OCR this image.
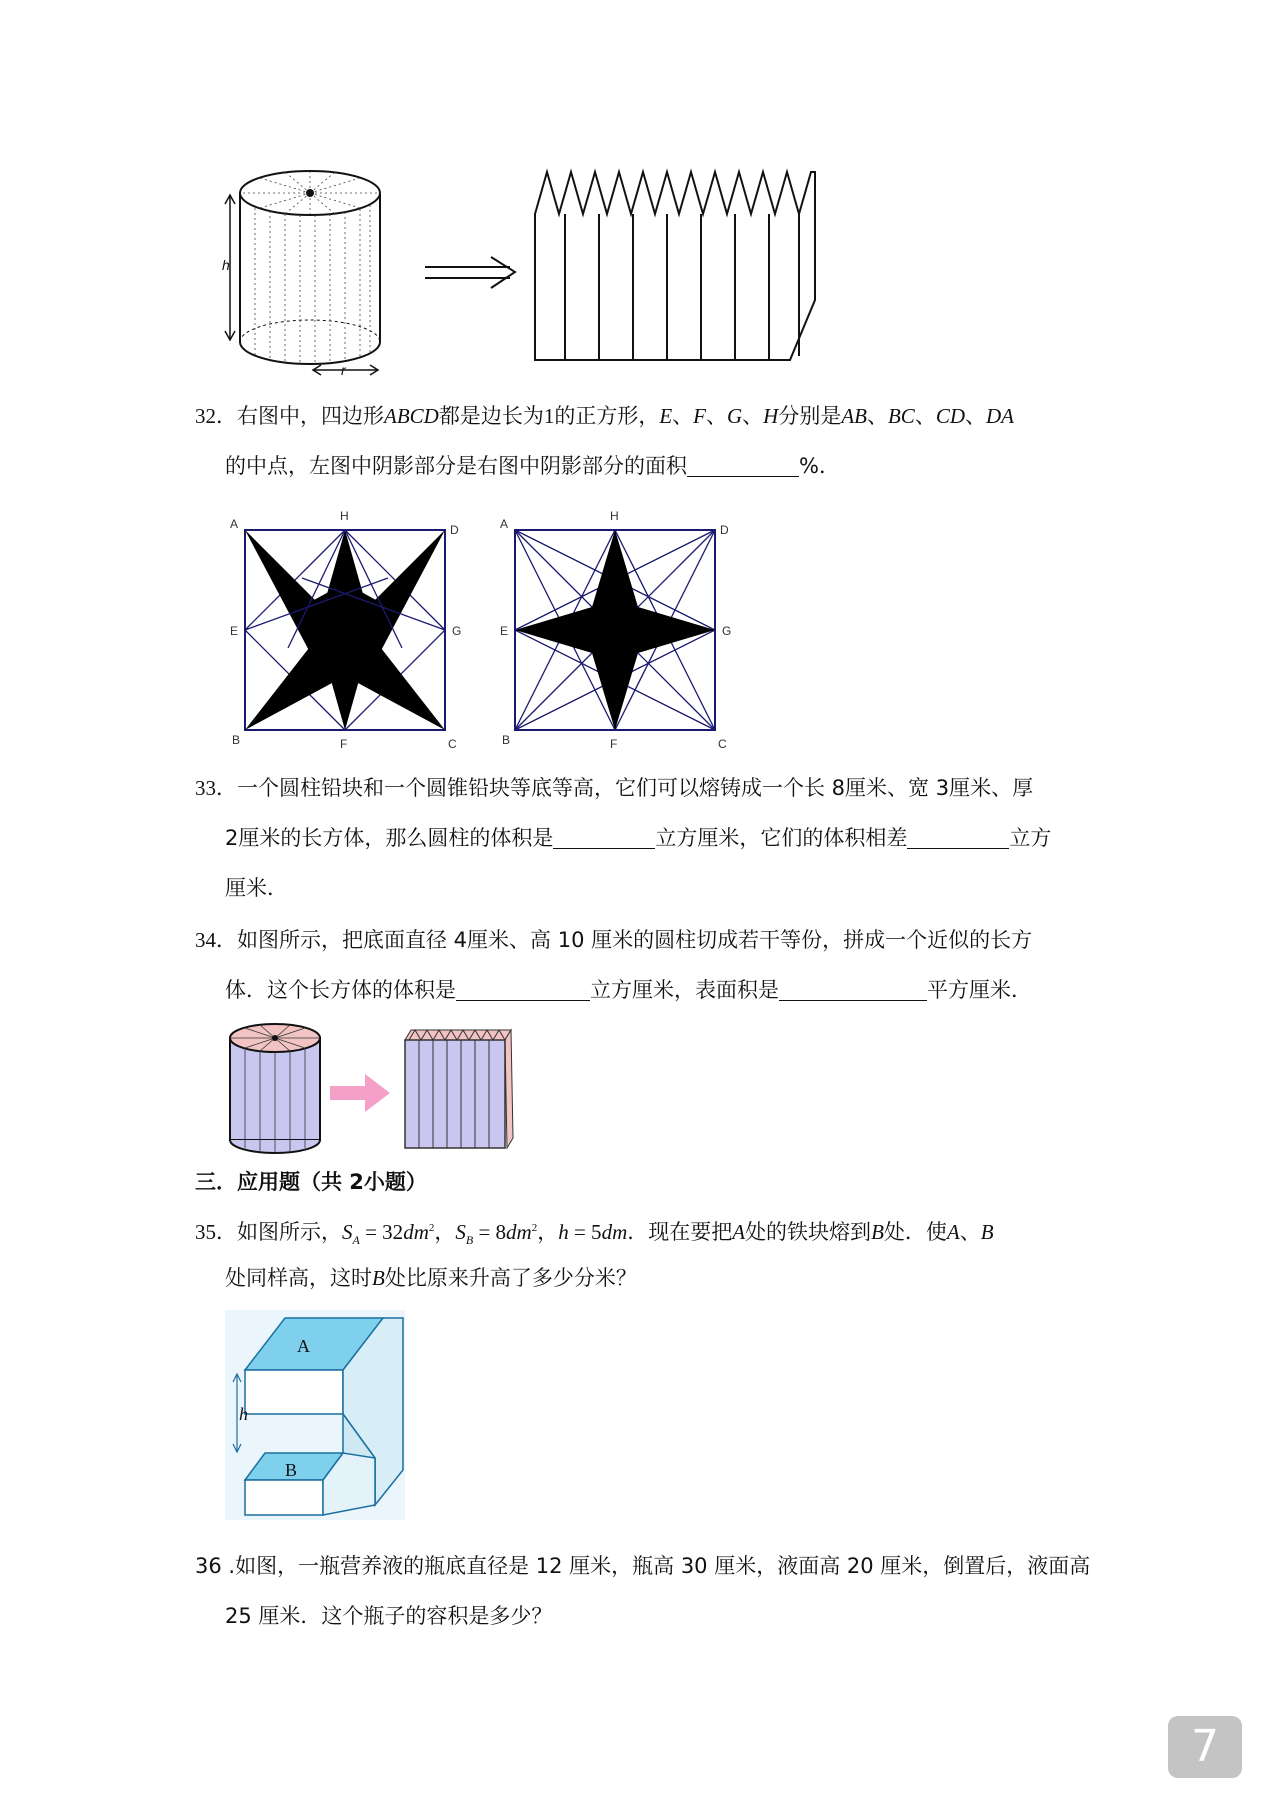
h
r
32．右图中，四边形ABCD都是边长为1的正方形，E、F、G、H分别是AB、BC、CD、DA
的中点，左图中阴影部分是右图中阴影部分的面积	%．
A
H
D
E	G
B	F	C
A
H
D
E	G
B	F	C
33．一个圆柱铅块和一个圆锥铅块等底等高，它们可以熔铸成一个长 8厘米、宽 3厘米、厚
2厘米的长方体，那么圆柱的体积是	立方厘米，它们的体积相差	立方
厘米．
34．如图所示，把底面直径 4厘米、高 10 厘米的圆柱切成若干等份，拼成一个近似的长方
体．这个长方体的体积是	立方厘米，表面积是	平方厘米．
三．应用题（共 2小题）
35．如图所示，$S_A = 32dm^2$，$S_B = 8dm^2$，h = 5dm．现在要把A处的铁块熔到B处．使A、B
处同样高，这时B处比原来升高了多少分米？
h
A
B
36 .如图，一瓶营养液的瓶底直径是 12 厘米，瓶高 30 厘米，液面高 20 厘米，倒置后，液面高
25 厘米．这个瓶子的容积是多少？
7
